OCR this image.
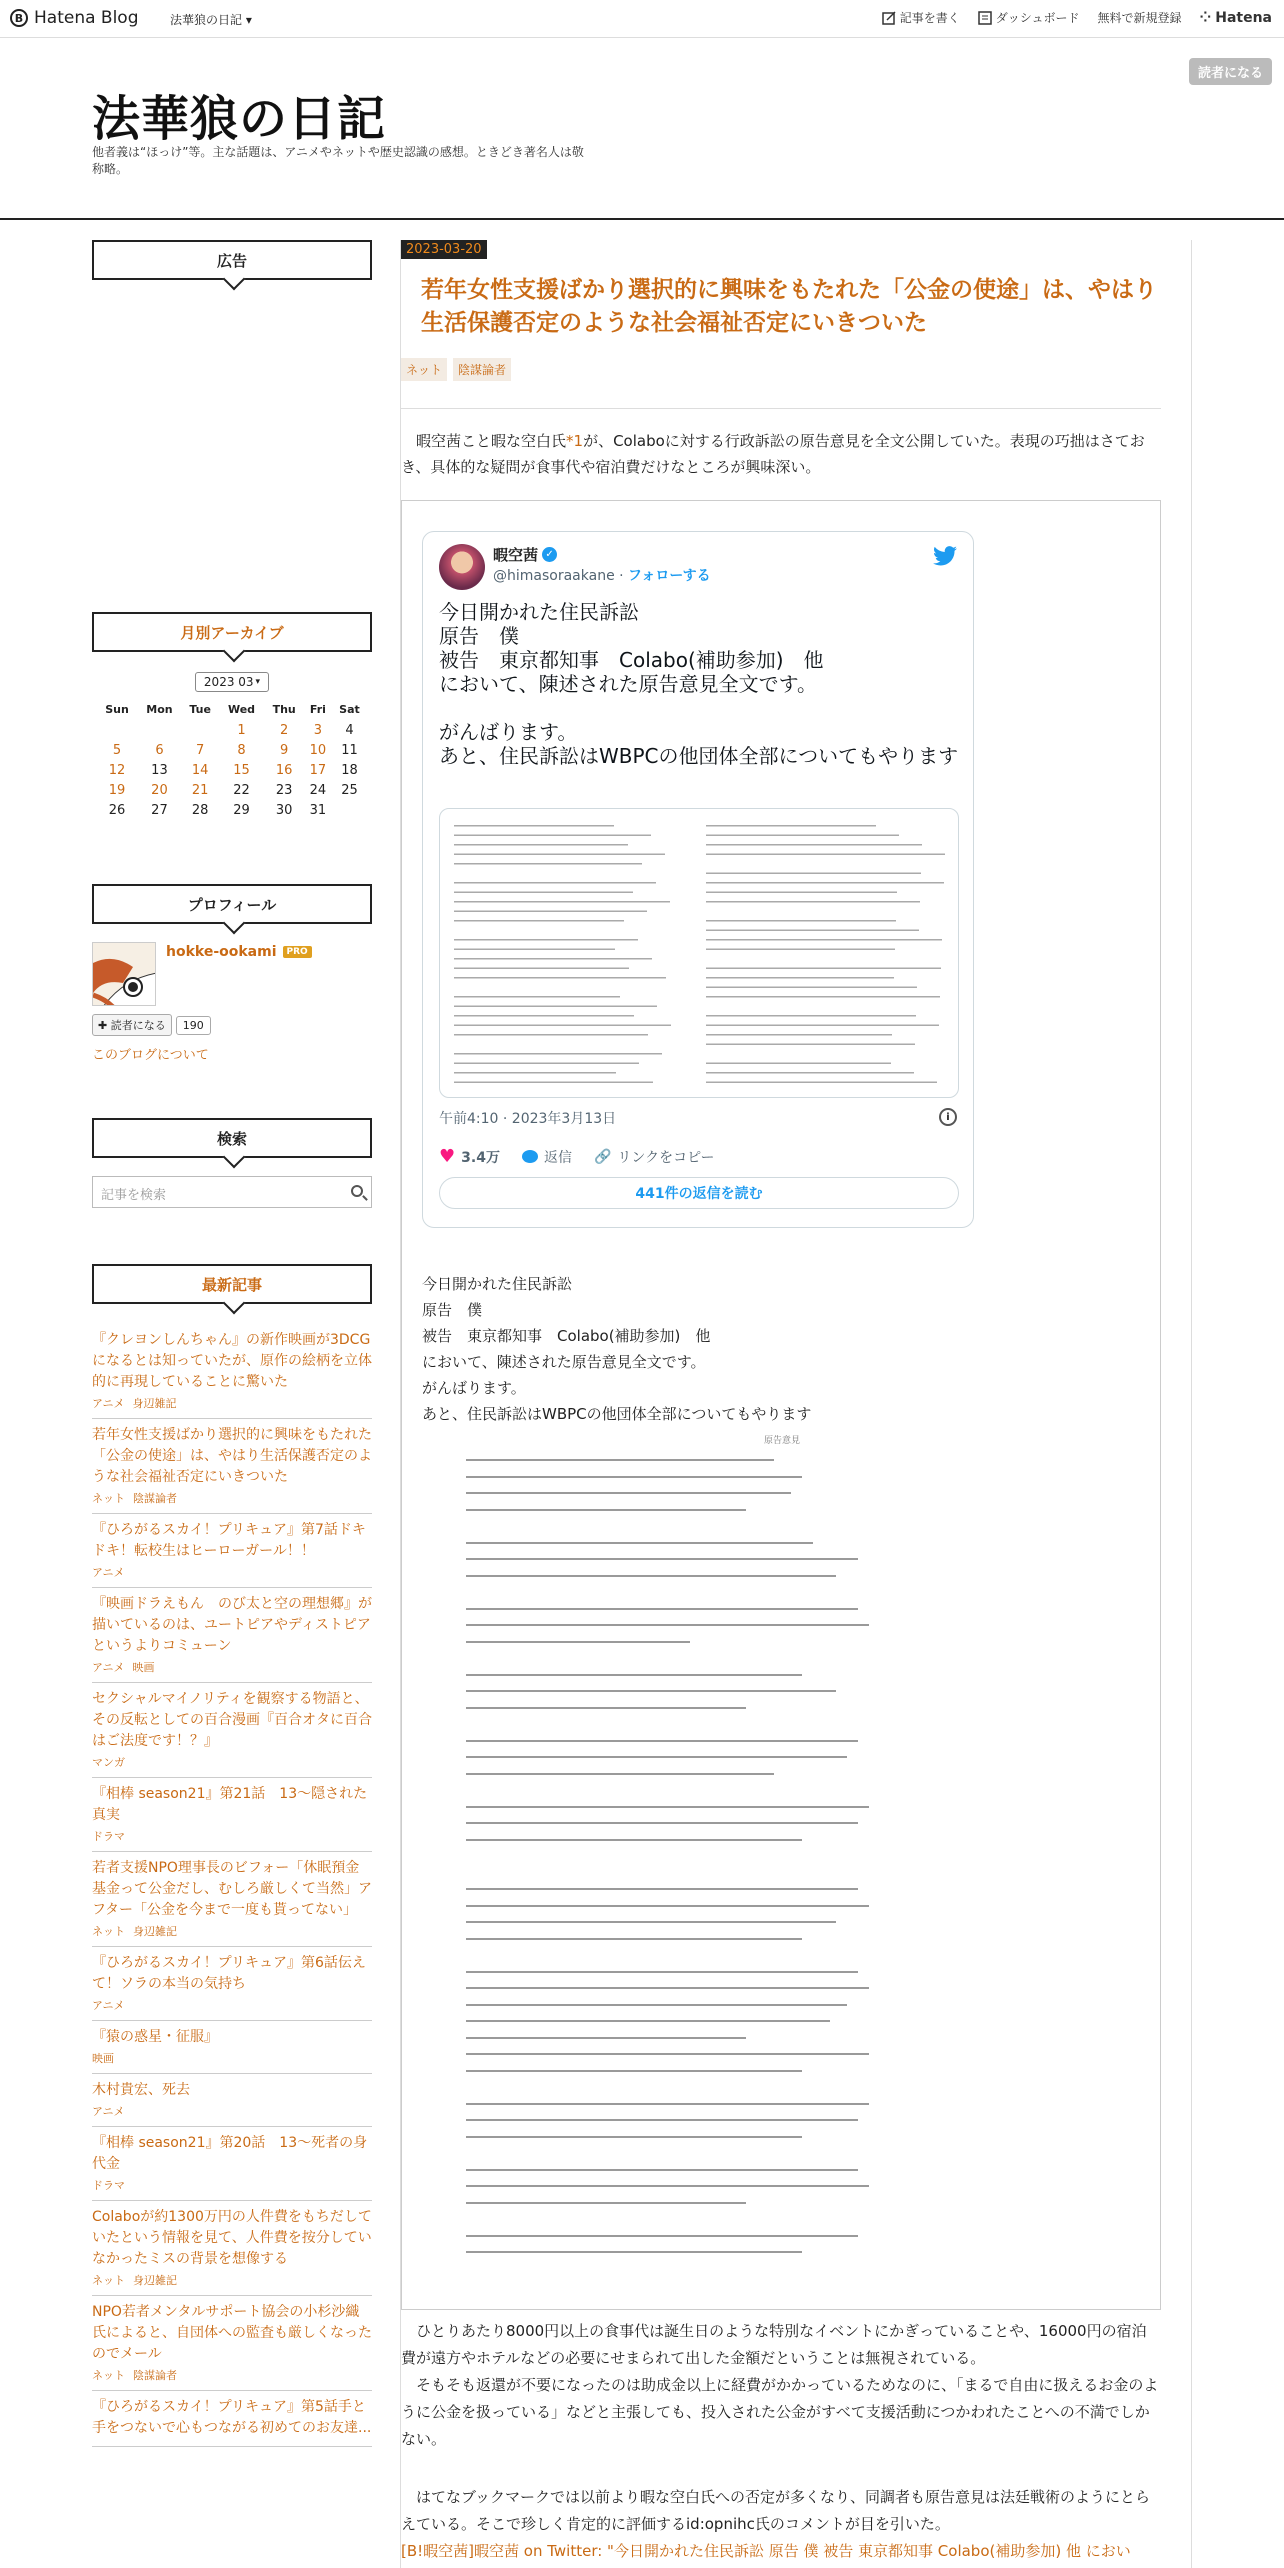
B Hatena Blog	法華狼の日記 ▾	記事を書く	ダッシュボード 無料で新規登録 ⁘ Hatena
法華狼の日記
他者義は“ほっけ”等。主な話題は、アニメやネットや歴史認識の感想。ときどき著名人は敬称略。
読者になる
広告
月別アーカイブ
2023 03 ▾
Sun	Mon	Tue	Wed	Thu	Fri	Sat
			1	2	3	4
5	6	7	8	9	10	11
12	13	14	15	16	17	18
19	20	21	22	23	24	25
26	27	28	29	30	31	
プロフィール
hokke-ookami	PRO
✚ 読者になる	190
このブログについて
検索
記事を検索
最新記事
『クレヨンしんちゃん』の新作映画が3DCGになるとは知っていたが、原作の絵柄を立体的に再現していることに驚いた
アニメ 身辺雑記
若年女性支援ばかり選択的に興味をもたれた「公金の使途」は、やはり生活保護否定のような社会福祉否定にいきついた
ネット 陰謀論者
『ひろがるスカイ！プリキュア』第7話ドキドキ！転校生はヒーローガール！！
アニメ
『映画ドラえもん　のび太と空の理想郷』が描いているのは、ユートピアやディストピアというよりコミューン
アニメ 映画
セクシャルマイノリティを観察する物語と、その反転としての百合漫画『百合オタに百合はご法度です！？』
マンガ
『相棒 season21』第21話　13～隠された真実
ドラマ
若者支援NPO理事長のビフォー「休眠預金基金って公金だし、むしろ厳しくて当然」アフター「公金を今まで一度も貰ってない」
ネット 身辺雑記
『ひろがるスカイ！プリキュア』第6話伝えて！ソラの本当の気持ち
アニメ
『猿の惑星・征服』
映画
木村貴宏、死去
アニメ
『相棒 season21』第20話　13～死者の身代金
ドラマ
Colaboが約1300万円の人件費をもちだしていたという情報を見て、人件費を按分していなかったミスの背景を想像する
ネット 身辺雑記
NPO若者メンタルサポート協会の小杉沙織氏によると、自団体への監査も厳しくなったのでメール
ネット 陰謀論者
『ひろがるスカイ！プリキュア』第5話手と手をつないで心もつながる初めてのお友達...
2023-03-20
若年女性支援ばかり選択的に興味をもたれた「公金の使途」は、やはり生活保護否定のような社会福祉否定にいきついた
ネット	陰謀論者
暇空茜こと暇な空白氏*1が、Colaboに対する行政訴訟の原告意見を全文公開していた。表現の巧拙はさておき、具体的な疑問が食事代や宿泊費だけなところが興味深い。
暇空茜 ✓
@himasoraakane · フォローする
今日開かれた住民訴訟
原告　僕
被告　東京都知事　Colabo(補助参加)　他
において、陳述された原告意見全文です。

がんばります。
あと、住民訴訟はWBPCの他団体全部についてもやります
午前4:10 · 2023年3月13日	i
♥ 3.4万	返信 🔗 リンクをコピー
441件の返信を読む
今日開かれた住民訴訟
原告　僕
被告　東京都知事　Colabo(補助参加)　他
において、陳述された原告意見全文です。
がんばります。
あと、住民訴訟はWBPCの他団体全部についてもやります
原告意見

ひとりあたり8000円以上の食事代は誕生日のような特別なイベントにかぎっていることや、16000円の宿泊費が遠方やホテルなどの必要にせまられて出した金額だということは無視されている。

そもそも返還が不要になったのは助成金以上に経費がかかっているためなのに、「まるで自由に扱えるお金のように公金を扱っている」などと主張しても、投入された公金がすべて支援活動につかわれたことへの不満でしかない。

はてなブックマークでは以前より暇な空白氏への否定が多くなり、同調者も原告意見は法廷戦術のようにとらえている。そこで珍しく肯定的に評価するid:opnihc氏のコメントが目を引いた。

[B!暇空茜]暇空茜 on Twitter: "今日開かれた住民訴訟 原告 僕 被告 東京都知事 Colabo(補助参加) 他 におい
